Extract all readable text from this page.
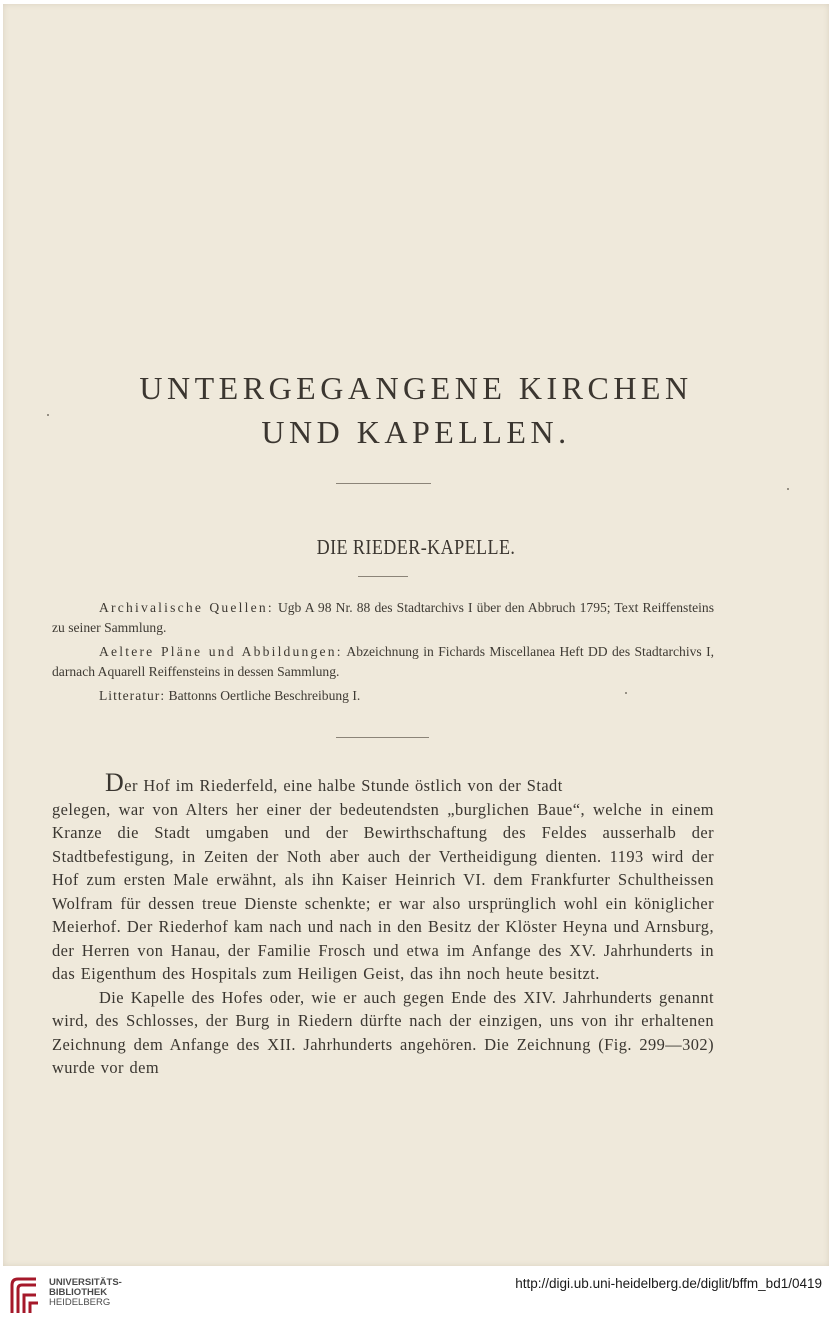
UNTERGEGANGENE KIRCHEN
UND KAPELLEN.
DIE RIEDER-KAPELLE.

Archivalische Quellen: Ugb A 98 Nr. 88 des Stadtarchivs I über den Abbruch 1795; Text Reiffensteins zu seiner Sammlung.

Aeltere Pläne und Abbildungen: Abzeichnung in Fichards Miscellanea Heft DD des Stadtarchivs I, darnach Aquarell Reiffensteins in dessen Sammlung.

Litteratur: Battonns Oertliche Beschreibung I.

Der Hof im Riederfeld, eine halbe Stunde östlich von der Stadt

gelegen, war von Alters her einer der bedeutendsten „burglichen Baue“, welche in einem Kranze die Stadt umgaben und der Bewirthschaftung des Feldes ausserhalb der Stadtbefestigung, in Zeiten der Noth aber auch der Vertheidigung dienten. 1193 wird der Hof zum ersten Male erwähnt, als ihn Kaiser Heinrich VI. dem Frankfurter Schultheissen Wolfram für dessen treue Dienste schenkte; er war also ursprünglich wohl ein königlicher Meierhof. Der Riederhof kam nach und nach in den Besitz der Klöster Heyna und Arnsburg, der Herren von Hanau, der Familie Frosch und etwa im Anfange des XV. Jahrhunderts in das Eigenthum des Hospitals zum Heiligen Geist, das ihn noch heute besitzt.

Die Kapelle des Hofes oder, wie er auch gegen Ende des XIV. Jahrhunderts genannt wird, des Schlosses, der Burg in Riedern dürfte nach der einzigen, uns von ihr erhaltenen Zeichnung dem Anfange des XII. Jahrhunderts angehören. Die Zeichnung (Fig. 299—302) wurde vor dem

UNIVERSITÄTS-
BIBLIOTHEK
HEIDELBERG
http://digi.ub.uni-heidelberg.de/diglit/bffm_bd1/0419
